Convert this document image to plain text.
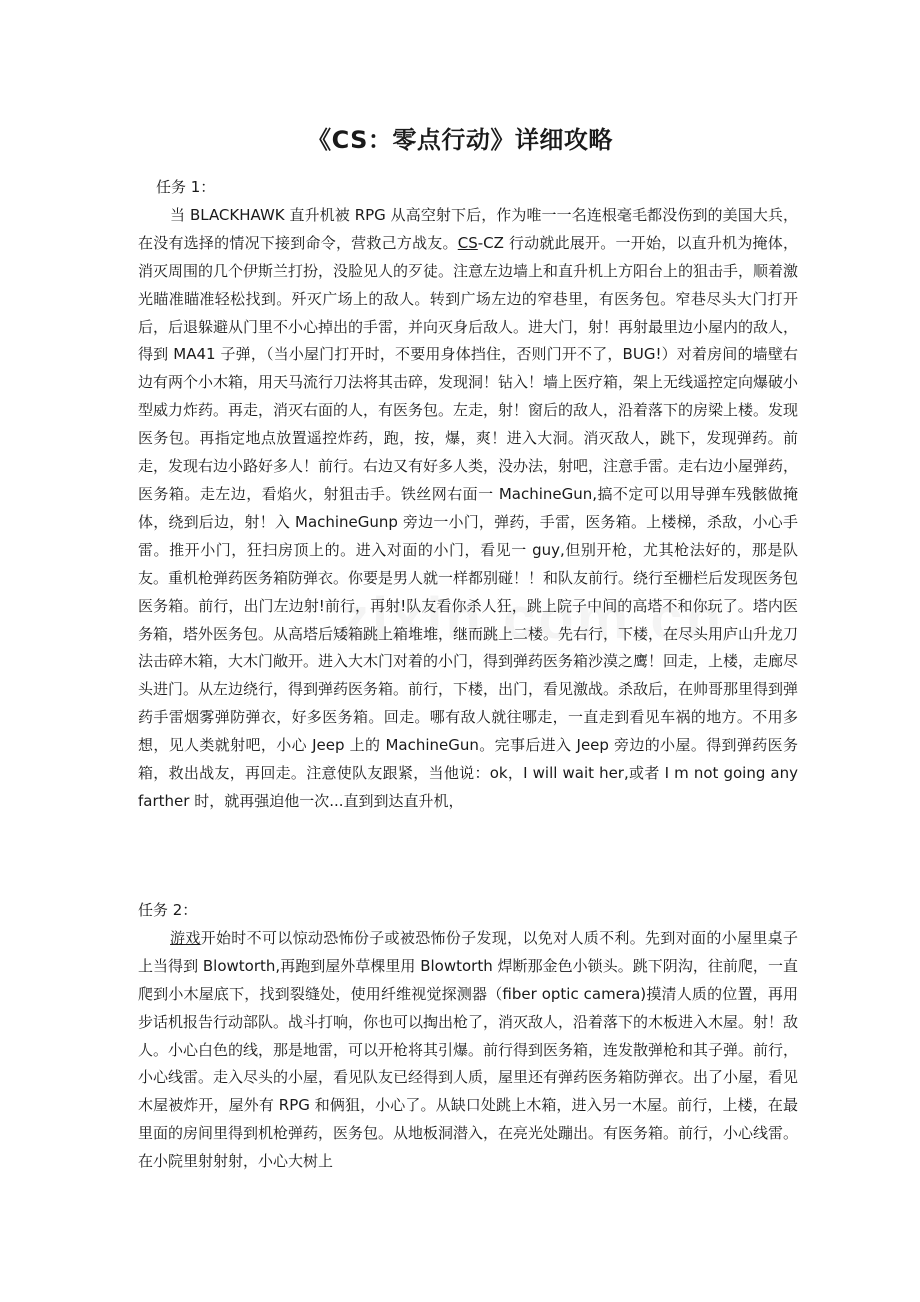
《CS：零点行动》详细攻略

任务 1：

当 BLACKHAWK 直升机被 RPG 从高空射下后，作为唯一一名连根毫毛都没伤到的美国大兵，在没有选择的情况下接到命令，营救己方战友。CS-CZ 行动就此展开。一开始，以直升机为掩体，消灭周围的几个伊斯兰打扮，没脸见人的歹徒。注意左边墙上和直升机上方阳台上的狙击手，顺着激光瞄准瞄准轻松找到。歼灭广场上的敌人。转到广场左边的窄巷里，有医务包。窄巷尽头大门打开后，后退躲避从门里不小心掉出的手雷，并向灭身后敌人。进大门，射！再射最里边小屋内的敌人，得到 MA41 子弹，（当小屋门打开时，不要用身体挡住，否则门开不了，BUG!）对着房间的墙壁右边有两个小木箱，用天马流行刀法将其击碎，发现洞！钻入！墙上医疗箱，架上无线遥控定向爆破小型威力炸药。再走，消灭右面的人，有医务包。左走，射！窗后的敌人，沿着落下的房梁上楼。发现医务包。再指定地点放置遥控炸药，跑，按，爆，爽！进入大洞。消灭敌人，跳下，发现弹药。前走，发现右边小路好多人！前行。右边又有好多人类，没办法，射吧，注意手雷。走右边小屋弹药，医务箱。走左边，看焰火，射狙击手。铁丝网右面一 MachineGun,搞不定可以用导弹车残骸做掩体，绕到后边，射！入 MachineGunp 旁边一小门，弹药，手雷，医务箱。上楼梯，杀敌，小心手雷。推开小门，狂扫房顶上的。进入对面的小门，看见一 guy,但别开枪，尤其枪法好的，那是队友。重机枪弹药医务箱防弹衣。你要是男人就一样都别碰！！和队友前行。绕行至栅栏后发现医务包医务箱。前行，出门左边射!前行，再射!队友看你杀人狂，跳上院子中间的高塔不和你玩了。塔内医务箱，塔外医务包。从高塔后矮箱跳上箱堆堆，继而跳上二楼。先右行，下楼，在尽头用庐山升龙刀法击碎木箱，大木门敞开。进入大木门对着的小门，得到弹药医务箱沙漠之鹰！回走，上楼，走廊尽头进门。从左边绕行，得到弹药医务箱。前行，下楼，出门，看见激战。杀敌后，在帅哥那里得到弹药手雷烟雾弹防弹衣，好多医务箱。回走。哪有敌人就往哪走，一直走到看见车祸的地方。不用多想，见人类就射吧，小心 Jeep 上的 MachineGun。完事后进入 Jeep 旁边的小屋。得到弹药医务箱，救出战友，再回走。注意使队友跟紧，当他说：ok，I will wait her,或者 I m not going any farther 时，就再强迫他一次...直到到达直升机，

任务 2：

游戏开始时不可以惊动恐怖份子或被恐怖份子发现，以免对人质不利。先到对面的小屋里桌子上当得到 Blowtorth,再跑到屋外草棵里用 Blowtorth 焊断那金色小锁头。跳下阴沟，往前爬，一直爬到小木屋底下，找到裂缝处，使用纤维视觉探测器（fiber optic camera)摸清人质的位置，再用步话机报告行动部队。战斗打响，你也可以掏出枪了，消灭敌人，沿着落下的木板进入木屋。射！敌人。小心白色的线，那是地雷，可以开枪将其引爆。前行得到医务箱，连发散弹枪和其子弹。前行，小心线雷。走入尽头的小屋，看见队友已经得到人质，屋里还有弹药医务箱防弹衣。出了小屋，看见木屋被炸开，屋外有 RPG 和俩狙，小心了。从缺口处跳上木箱，进入另一木屋。前行，上楼，在最里面的房间里得到机枪弹药，医务包。从地板洞潜入，在亮光处蹦出。有医务箱。前行，小心线雷。在小院里射射射，小心大树上
